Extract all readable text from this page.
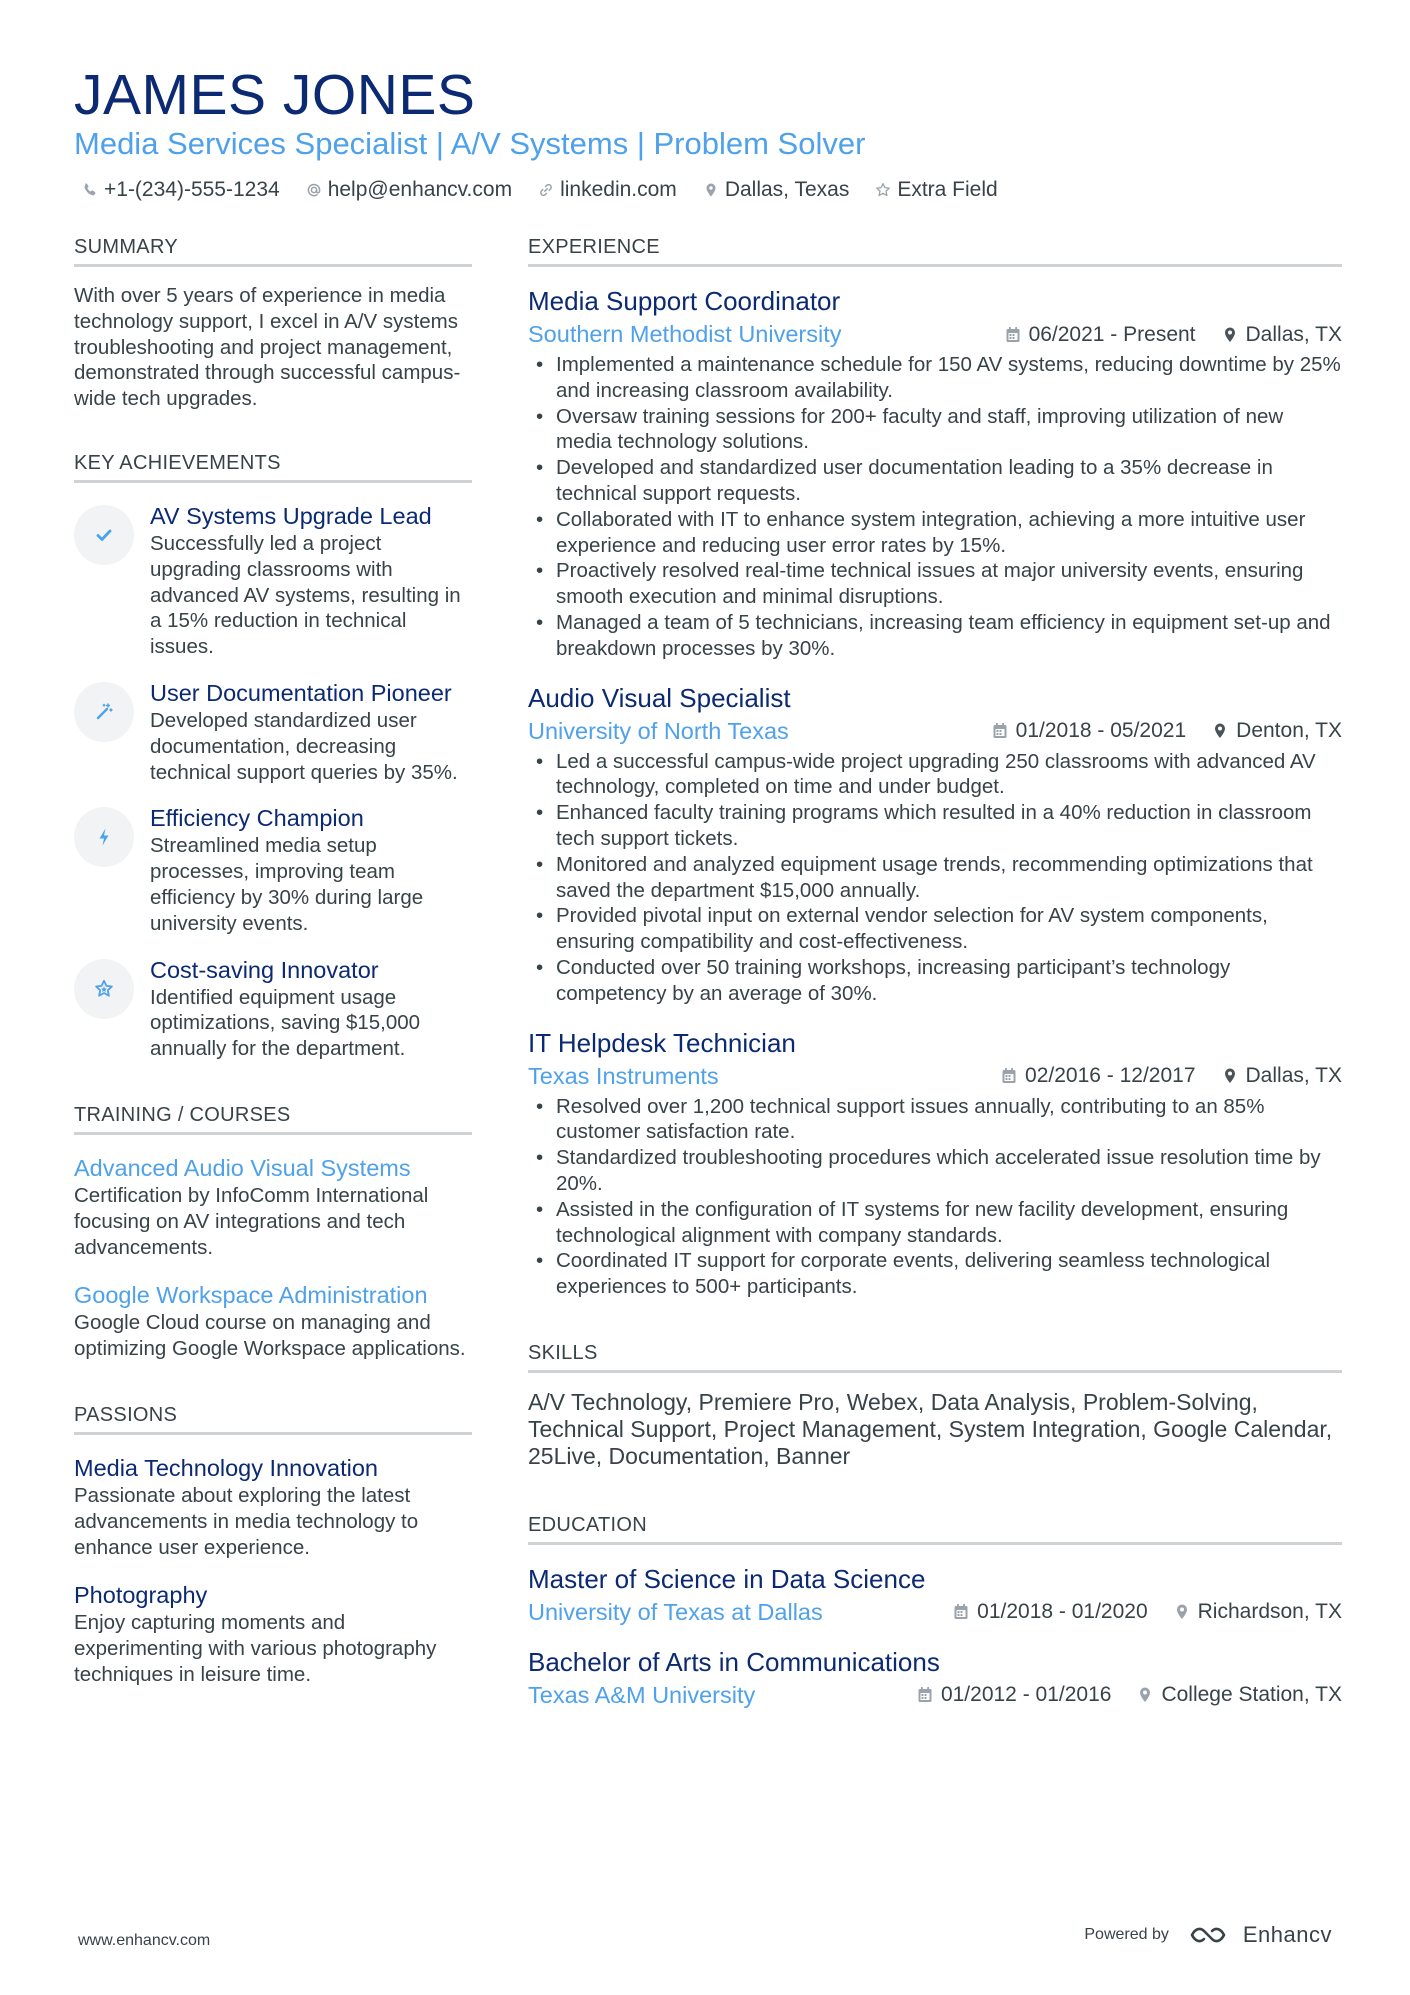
JAMES JONES
Media Services Specialist | A/V Systems | Problem Solver
+1-(234)-555-1234 help@enhancv.com linkedin.com Dallas, Texas Extra Field
SUMMARY
With over 5 years of experience in media technology support, I excel in A/V systems troubleshooting and project management, demonstrated through successful campus-wide tech upgrades.
KEY ACHIEVEMENTS
AV Systems Upgrade Lead
Successfully led a project upgrading classrooms with advanced AV systems, resulting in a 15% reduction in technical issues.
User Documentation Pioneer
Developed standardized user documentation, decreasing technical support queries by 35%.
Efficiency Champion
Streamlined media setup processes, improving team efficiency by 30% during large university events.
Cost-saving Innovator
Identified equipment usage optimizations, saving $15,000 annually for the department.
TRAINING / COURSES
Advanced Audio Visual Systems
Certification by InfoComm International focusing on AV integrations and tech advancements.
Google Workspace Administration
Google Cloud course on managing and optimizing Google Workspace applications.
PASSIONS
Media Technology Innovation
Passionate about exploring the latest advancements in media technology to enhance user experience.
Photography
Enjoy capturing moments and experimenting with various photography techniques in leisure time.
EXPERIENCE
Media Support Coordinator
Southern Methodist University	06/2021 - Present Dallas, TX
• Implemented a maintenance schedule for 150 AV systems, reducing downtime by 25% and increasing classroom availability.
• Oversaw training sessions for 200+ faculty and staff, improving utilization of new media technology solutions.
• Developed and standardized user documentation leading to a 35% decrease in technical support requests.
• Collaborated with IT to enhance system integration, achieving a more intuitive user experience and reducing user error rates by 15%.
• Proactively resolved real-time technical issues at major university events, ensuring smooth execution and minimal disruptions.
• Managed a team of 5 technicians, increasing team efficiency in equipment set-up and breakdown processes by 30%.
Audio Visual Specialist
University of North Texas	01/2018 - 05/2021 Denton, TX
• Led a successful campus-wide project upgrading 250 classrooms with advanced AV technology, completed on time and under budget.
• Enhanced faculty training programs which resulted in a 40% reduction in classroom tech support tickets.
• Monitored and analyzed equipment usage trends, recommending optimizations that saved the department $15,000 annually.
• Provided pivotal input on external vendor selection for AV system components, ensuring compatibility and cost-effectiveness.
• Conducted over 50 training workshops, increasing participant’s technology competency by an average of 30%.
IT Helpdesk Technician
Texas Instruments	02/2016 - 12/2017 Dallas, TX
• Resolved over 1,200 technical support issues annually, contributing to an 85% customer satisfaction rate.
• Standardized troubleshooting procedures which accelerated issue resolution time by 20%.
• Assisted in the configuration of IT systems for new facility development, ensuring technological alignment with company standards.
• Coordinated IT support for corporate events, delivering seamless technological experiences to 500+ participants.
SKILLS
A/V Technology, Premiere Pro, Webex, Data Analysis, Problem-Solving, Technical Support, Project Management, System Integration, Google Calendar, 25Live, Documentation, Banner
EDUCATION
Master of Science in Data Science
University of Texas at Dallas	01/2018 - 01/2020 Richardson, TX
Bachelor of Arts in Communications
Texas A&M University	01/2012 - 01/2016 College Station, TX
www.enhancv.com	Powered by	Enhancv
